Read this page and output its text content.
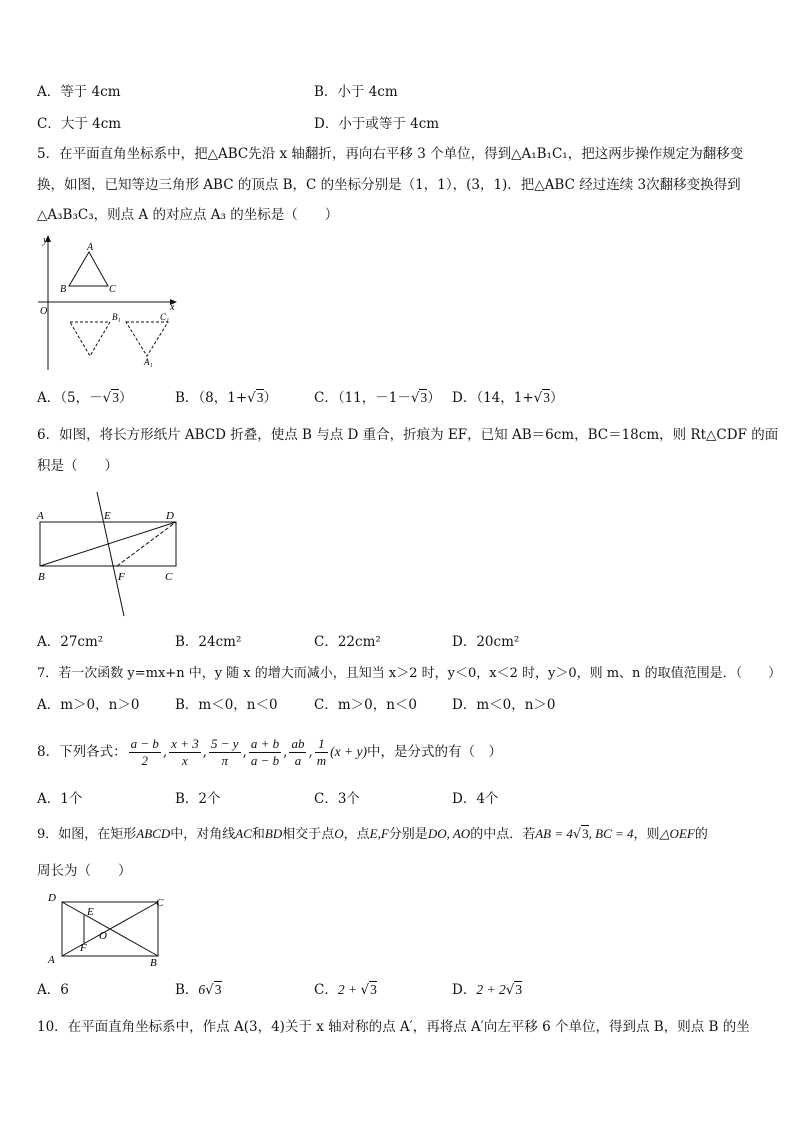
A．等于 4cm	B．小于 4cm
C．大于 4cm	D．小于或等于 4cm
5．在平面直角坐标系中，把△ABC先沿 x 轴翻折，再向右平移 3 个单位，得到△A₁B₁C₁，把这两步操作规定为翻移变
换，如图，已知等边三角形 ABC 的顶点 B，C 的坐标分别是（1，1），(3，1)．把△ABC 经过连续 3次翻移变换得到
△A₃B₃C₃，则点 A 的对应点 A₃ 的坐标是（　　）
y
x
O
A
B	C
B₁	C₁
A₁
A．（5，－√3）	B．（8，1+√3）	C．（11，－1－√3） D．（14，1+√3）
6．如图，将长方形纸片 ABCD 折叠，使点 B 与点 D 重合，折痕为 EF，已知 AB＝6cm，BC＝18cm，则 Rt△CDF 的面
积是（　　）
A	E	D
B	F	C
A．27cm²	B．24cm²	C．22cm²	D．20cm²
7．若一次函数 y=mx+n 中，y 随 x 的增大而减小，且知当 x＞2 时，y＜0，x＜2 时，y＞0，则 m、n 的取值范围是．（　　）
A．m＞0，n＞0	B．m＜0，n＜0	C．m＞0，n＜0	D．m＜0，n＞0
8．下列各式： $\frac{a - b}{2}$ , $\frac{x + 3}{x}$ , $\frac{5 - y}{\pi}$ , $\frac{a + b}{a - b}$ , $\frac{ab}{a}$ , $\frac{1}{m} (x + y)$中，是分式的有（　）
A．1个	B．2个	C．3个	D．4个
9．如图，在矩形ABCD中，对角线AC和BD相交于点O，点E,F分别是DO, AO的中点．若AB = 4√3, BC = 4，则△OEF的
周长为（　　）
D	C
E
O
F
A	B
A．6	B．6√3	C．2 + √3	D．2 + 2√3
10．在平面直角坐标系中，作点 A(3，4)关于 x 轴对称的点 A′，再将点 A′向左平移 6 个单位，得到点 B，则点 B 的坐
